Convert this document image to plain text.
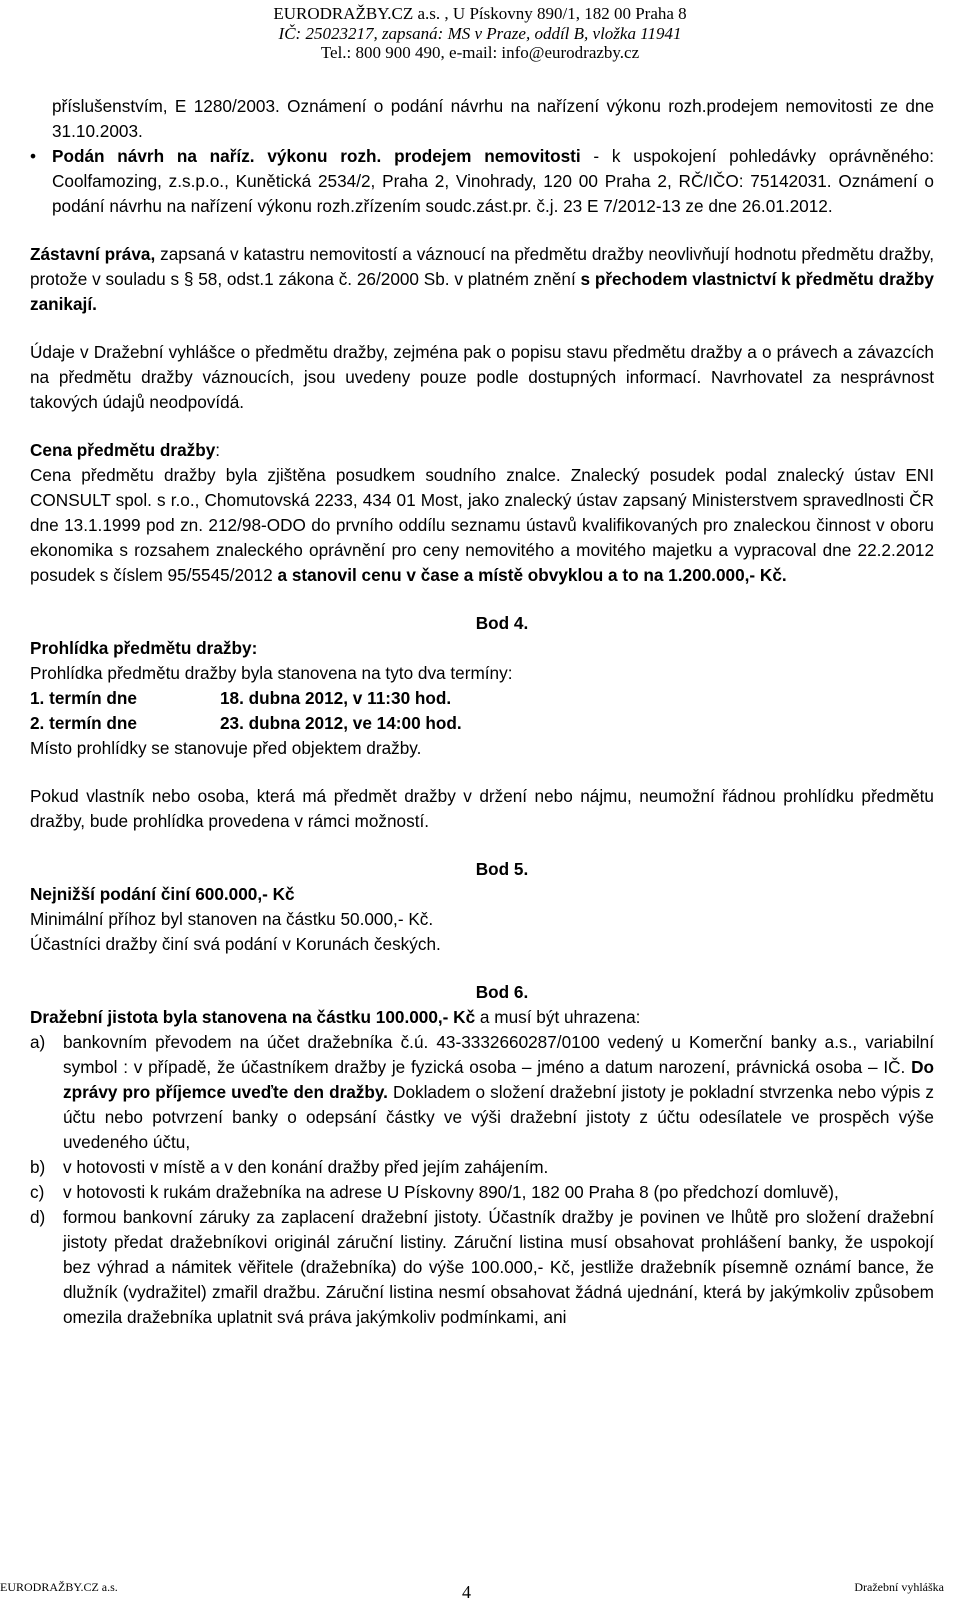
EURODRAŽBY.CZ a.s. , U Pískovny 890/1, 182 00 Praha 8
IČ: 25023217, zapsaná: MS v Praze, oddíl B, vložka 11941
Tel.: 800 900 490, e-mail: info@eurodrazby.cz

příslušenstvím, E 1280/2003. Oznámení o podání návrhu na nařízení výkonu rozh.prodejem nemovitosti ze dne 31.10.2003.

• Podán návrh na naříz. výkonu rozh. prodejem nemovitosti - k uspokojení pohledávky oprávněného: Coolfamozing, z.s.p.o., Kunětická 2534/2, Praha 2, Vinohrady, 120 00 Praha 2, RČ/IČO: 75142031. Oznámení o podání návrhu na nařízení výkonu rozh.zřízením soudc.zást.pr. č.j. 23 E 7/2012-13 ze dne 26.01.2012.

Zástavní práva, zapsaná v katastru nemovitostí a váznoucí na předmětu dražby neovlivňují hodnotu předmětu dražby, protože v souladu s § 58, odst.1 zákona č. 26/2000 Sb. v platném znění s přechodem vlastnictví k předmětu dražby zanikají.

Údaje v Dražební vyhlášce o předmětu dražby, zejména pak o popisu stavu předmětu dražby a o právech a závazcích na předmětu dražby váznoucích, jsou uvedeny pouze podle dostupných informací. Navrhovatel za nesprávnost takových údajů neodpovídá.

Cena předmětu dražby:

Cena předmětu dražby byla zjištěna posudkem soudního znalce. Znalecký posudek podal znalecký ústav ENI CONSULT spol. s r.o., Chomutovská 2233, 434 01 Most, jako znalecký ústav zapsaný Ministerstvem spravedlnosti ČR dne 13.1.1999 pod zn. 212/98-ODO do prvního oddílu seznamu ústavů kvalifikovaných pro znaleckou činnost v oboru ekonomika s rozsahem znaleckého oprávnění pro ceny nemovitého a movitého majetku a vypracoval dne 22.2.2012 posudek s číslem 95/5545/2012 a stanovil cenu v čase a místě obvyklou a to na 1.200.000,- Kč.

Bod 4.

Prohlídka předmětu dražby:

Prohlídka předmětu dražby byla stanovena na tyto dva termíny:

1. termín dne	18. dubna 2012, v 11:30 hod.
2. termín dne	23. dubna 2012, ve 14:00 hod.

Místo prohlídky se stanovuje před objektem dražby.

Pokud vlastník nebo osoba, která má předmět dražby v držení nebo nájmu, neumožní řádnou prohlídku předmětu dražby, bude prohlídka provedena v rámci možností.

Bod 5.

Nejnižší podání činí 600.000,- Kč

Minimální příhoz byl stanoven na částku 50.000,- Kč.

Účastníci dražby činí svá podání v Korunách českých.

Bod 6.

Dražební jistota byla stanovena na částku 100.000,- Kč a musí být uhrazena:

a)	bankovním převodem na účet dražebníka č.ú. 43-3332660287/0100 vedený u Komerční banky a.s., variabilní symbol : v případě, že účastníkem dražby je fyzická osoba – jméno a datum narození, právnická osoba – IČ. Do zprávy pro příjemce uveďte den dražby. Dokladem o složení dražební jistoty je pokladní stvrzenka nebo výpis z účtu nebo potvrzení banky o odepsání částky ve výši dražební jistoty z účtu odesílatele ve prospěch výše uvedeného účtu,
b)	v hotovosti v místě a v den konání dražby před jejím zahájením.
c)	v hotovosti k rukám dražebníka na adrese U Pískovny 890/1, 182 00 Praha 8 (po předchozí domluvě),
d)	formou bankovní záruky za zaplacení dražební jistoty. Účastník dražby je povinen ve lhůtě pro složení dražební jistoty předat dražebníkovi originál záruční listiny. Záruční listina musí obsahovat prohlášení banky, že uspokojí bez výhrad a námitek věřitele (dražebníka) do výše 100.000,- Kč, jestliže dražebník písemně oznámí bance, že dlužník (vydražitel) zmařil dražbu. Záruční listina nesmí obsahovat žádná ujednání, která by jakýmkoliv způsobem omezila dražebníka uplatnit svá práva jakýmkoliv podmínkami, ani
EURODRAŽBY.CZ a.s.	4	Dražební vyhláška
